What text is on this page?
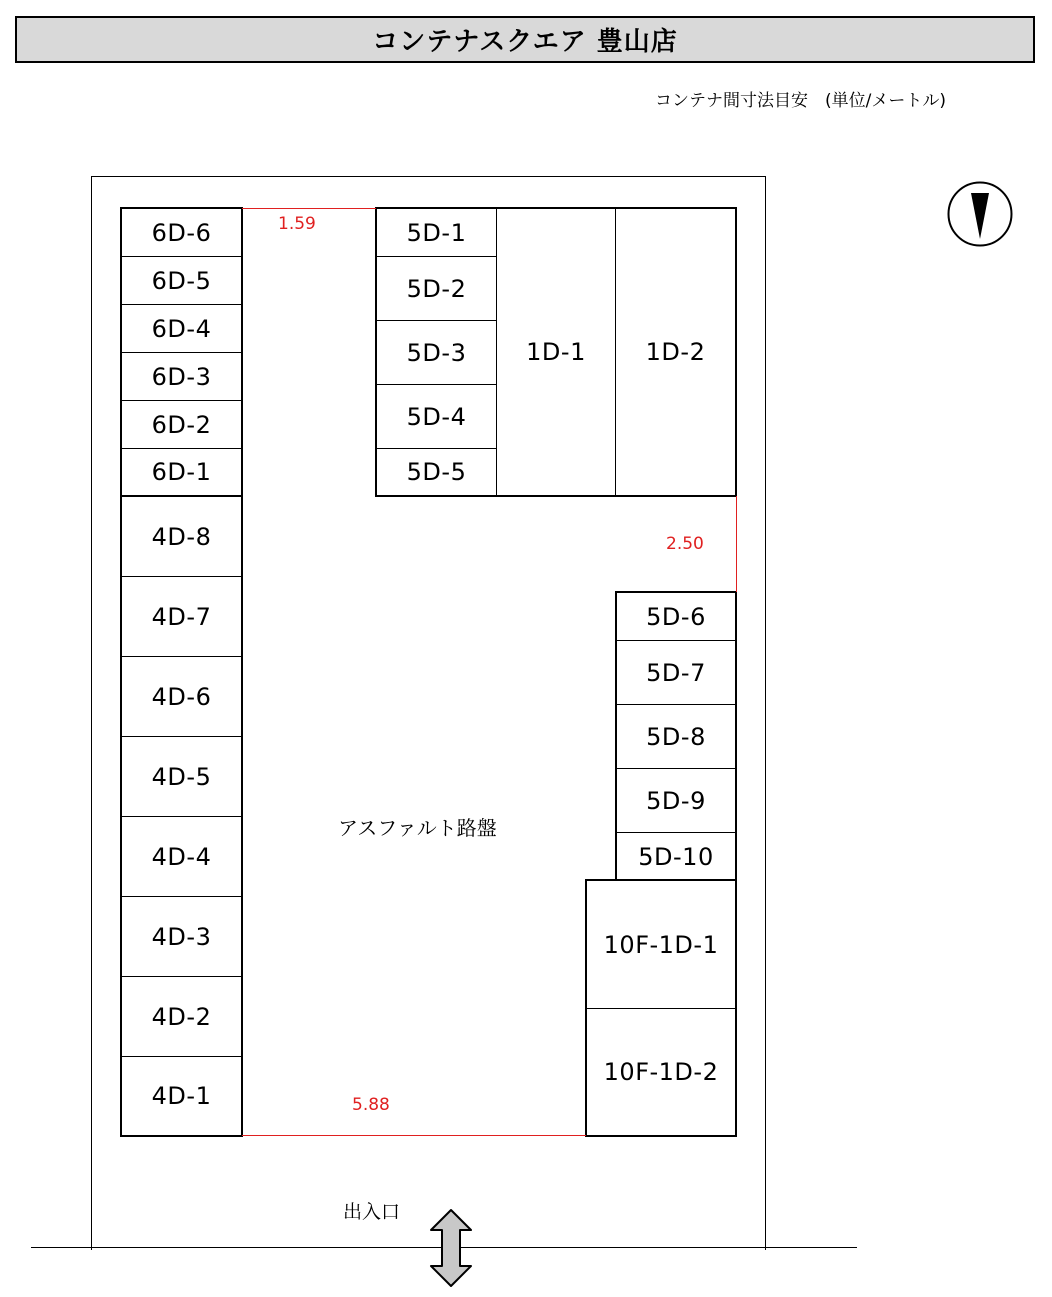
コンテナスクエア 豊山店
コンテナ間寸法目安　(単位/メートル)
6D-6
6D-5
6D-4
6D-3
6D-2
6D-1
4D-8
4D-7
4D-6
4D-5
4D-4
4D-3
4D-2
4D-1
5D-1
5D-2
5D-3
5D-4
5D-5
1D-1	1D-2
5D-6
5D-7
5D-8
5D-9
5D-10
10F-1D-1
10F-1D-2
1.59
2.50
5.88
アスファルト路盤
出入口
